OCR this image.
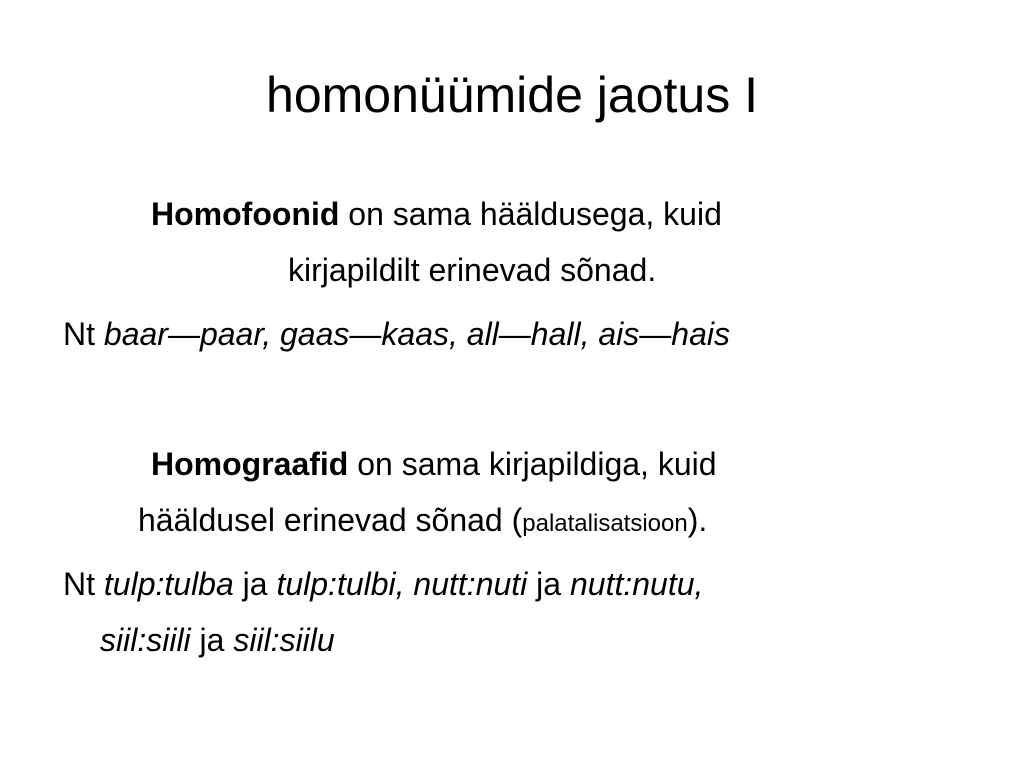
homonüümide jaotus I
Homofoonid on sama hääldusega, kuid
kirjapildilt erinevad sõnad.
Nt baar—paar, gaas—kaas, all—hall, ais—hais
Homograafid on sama kirjapildiga, kuid
hääldusel erinevad sõnad (palatalisatsioon).
Nt tulp:tulba ja tulp:tulbi, nutt:nuti ja nutt:nutu,
siil:siili ja siil:siilu
